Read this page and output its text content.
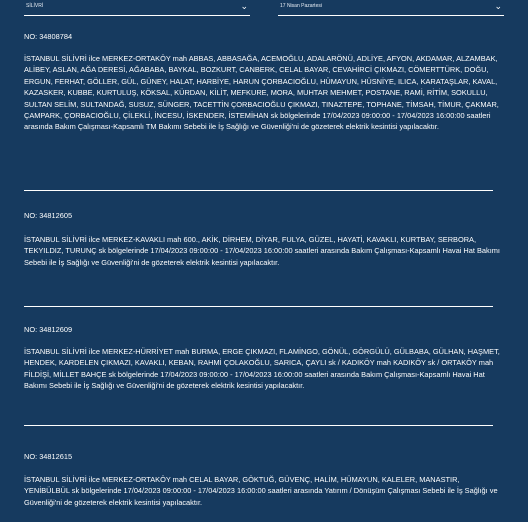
SİLİVRİ	⌄	17 Nisan Pazartesi	⌄
NO: 34808784
İSTANBUL SİLİVRİ ilce MERKEZ-ORTAKÖY mah ABBAS, ABBASAĞA, ACEMOĞLU, ADALARÖNÜ, ADLİYE, AFYON, AKDAMAR, ALZAMBAK, ALİBEY, ASLAN, AĞA DERESİ, AĞABABA, BAYKAL, BOZKURT, CANBERK, CELAL BAYAR, CEVAHİRCİ ÇIKMAZI, CÖMERTTÜRK, DOĞU, ERGUN, FERHAT, GÖLLER, GÜL, GÜNEY, HALAT, HARBİYE, HARUN ÇORBACIOĞLU, HÜMAYUN, HÜSNİYE, ILICA, KARATAŞLAR, KAVAL, KAZASKER, KUBBE, KURTULUŞ, KÖKSAL, KÜRDAN, KİLİT, MEFKURE, MORA, MUHTAR MEHMET, POSTANE, RAMİ, RİTİM, SOKULLU, SULTAN SELİM, SULTANDAĞ, SUSUZ, SÜNGER, TACETTİN ÇORBACIOĞLU ÇIKMAZI, TINAZTEPE, TOPHANE, TİMSAH, TİMUR, ÇAKMAR, ÇAMPARK, ÇORBACIOĞLU, ÇİLEKLİ, İNCESU, İSKENDER, İSTEMİHAN sk bölgelerinde 17/04/2023 09:00:00 - 17/04/2023 16:00:00 saatleri arasında Bakım Çalışması-Kapsamlı TM Bakımı Sebebi ile İş Sağlığı ve Güvenliği'ni de gözeterek elektrik kesintisi yapılacaktır.
NO: 34812605
İSTANBUL SİLİVRİ ilce MERKEZ-KAVAKLI mah 600., AKİK, DİRHEM, DİYAR, FULYA, GÜZEL, HAYATİ, KAVAKLI, KURTBAY, SERBORA, TEKYILDIZ, TURUNÇ sk bölgelerinde 17/04/2023 09:00:00 - 17/04/2023 16:00:00 saatleri arasında Bakım Çalışması-Kapsamlı Havai Hat Bakımı Sebebi ile İş Sağlığı ve Güvenliği'ni de gözeterek elektrik kesintisi yapılacaktır.
NO: 34812609
İSTANBUL SİLİVRİ ilce MERKEZ-HÜRRİYET mah BURMA, ERGE ÇIKMAZI, FLAMİNGO, GÖNÜL, GÖRGÜLÜ, GÜLBABA, GÜLHAN, HAŞMET, HENDEK, KARDELEN ÇIKMAZI, KAVAKLI, KEBAN, RAHMİ ÇOLAKOĞLU, SARICA, ÇAYLI sk / KADIKÖY mah KADIKÖY sk / ORTAKÖY mah FİLDİŞİ, MİLLET BAHÇE sk bölgelerinde 17/04/2023 09:00:00 - 17/04/2023 16:00:00 saatleri arasında Bakım Çalışması-Kapsamlı Havai Hat Bakımı Sebebi ile İş Sağlığı ve Güvenliği'ni de gözeterek elektrik kesintisi yapılacaktır.
NO: 34812615
İSTANBUL SİLİVRİ ilce MERKEZ-ORTAKÖY mah CELAL BAYAR, GÖKTUĞ, GÜVENÇ, HALİM, HÜMAYUN, KALELER, MANASTIR, YENİBÜLBÜL sk bölgelerinde 17/04/2023 09:00:00 - 17/04/2023 16:00:00 saatleri arasında Yatırım / Dönüşüm Çalışması Sebebi ile İş Sağlığı ve Güvenliği'ni de gözeterek elektrik kesintisi yapılacaktır.
